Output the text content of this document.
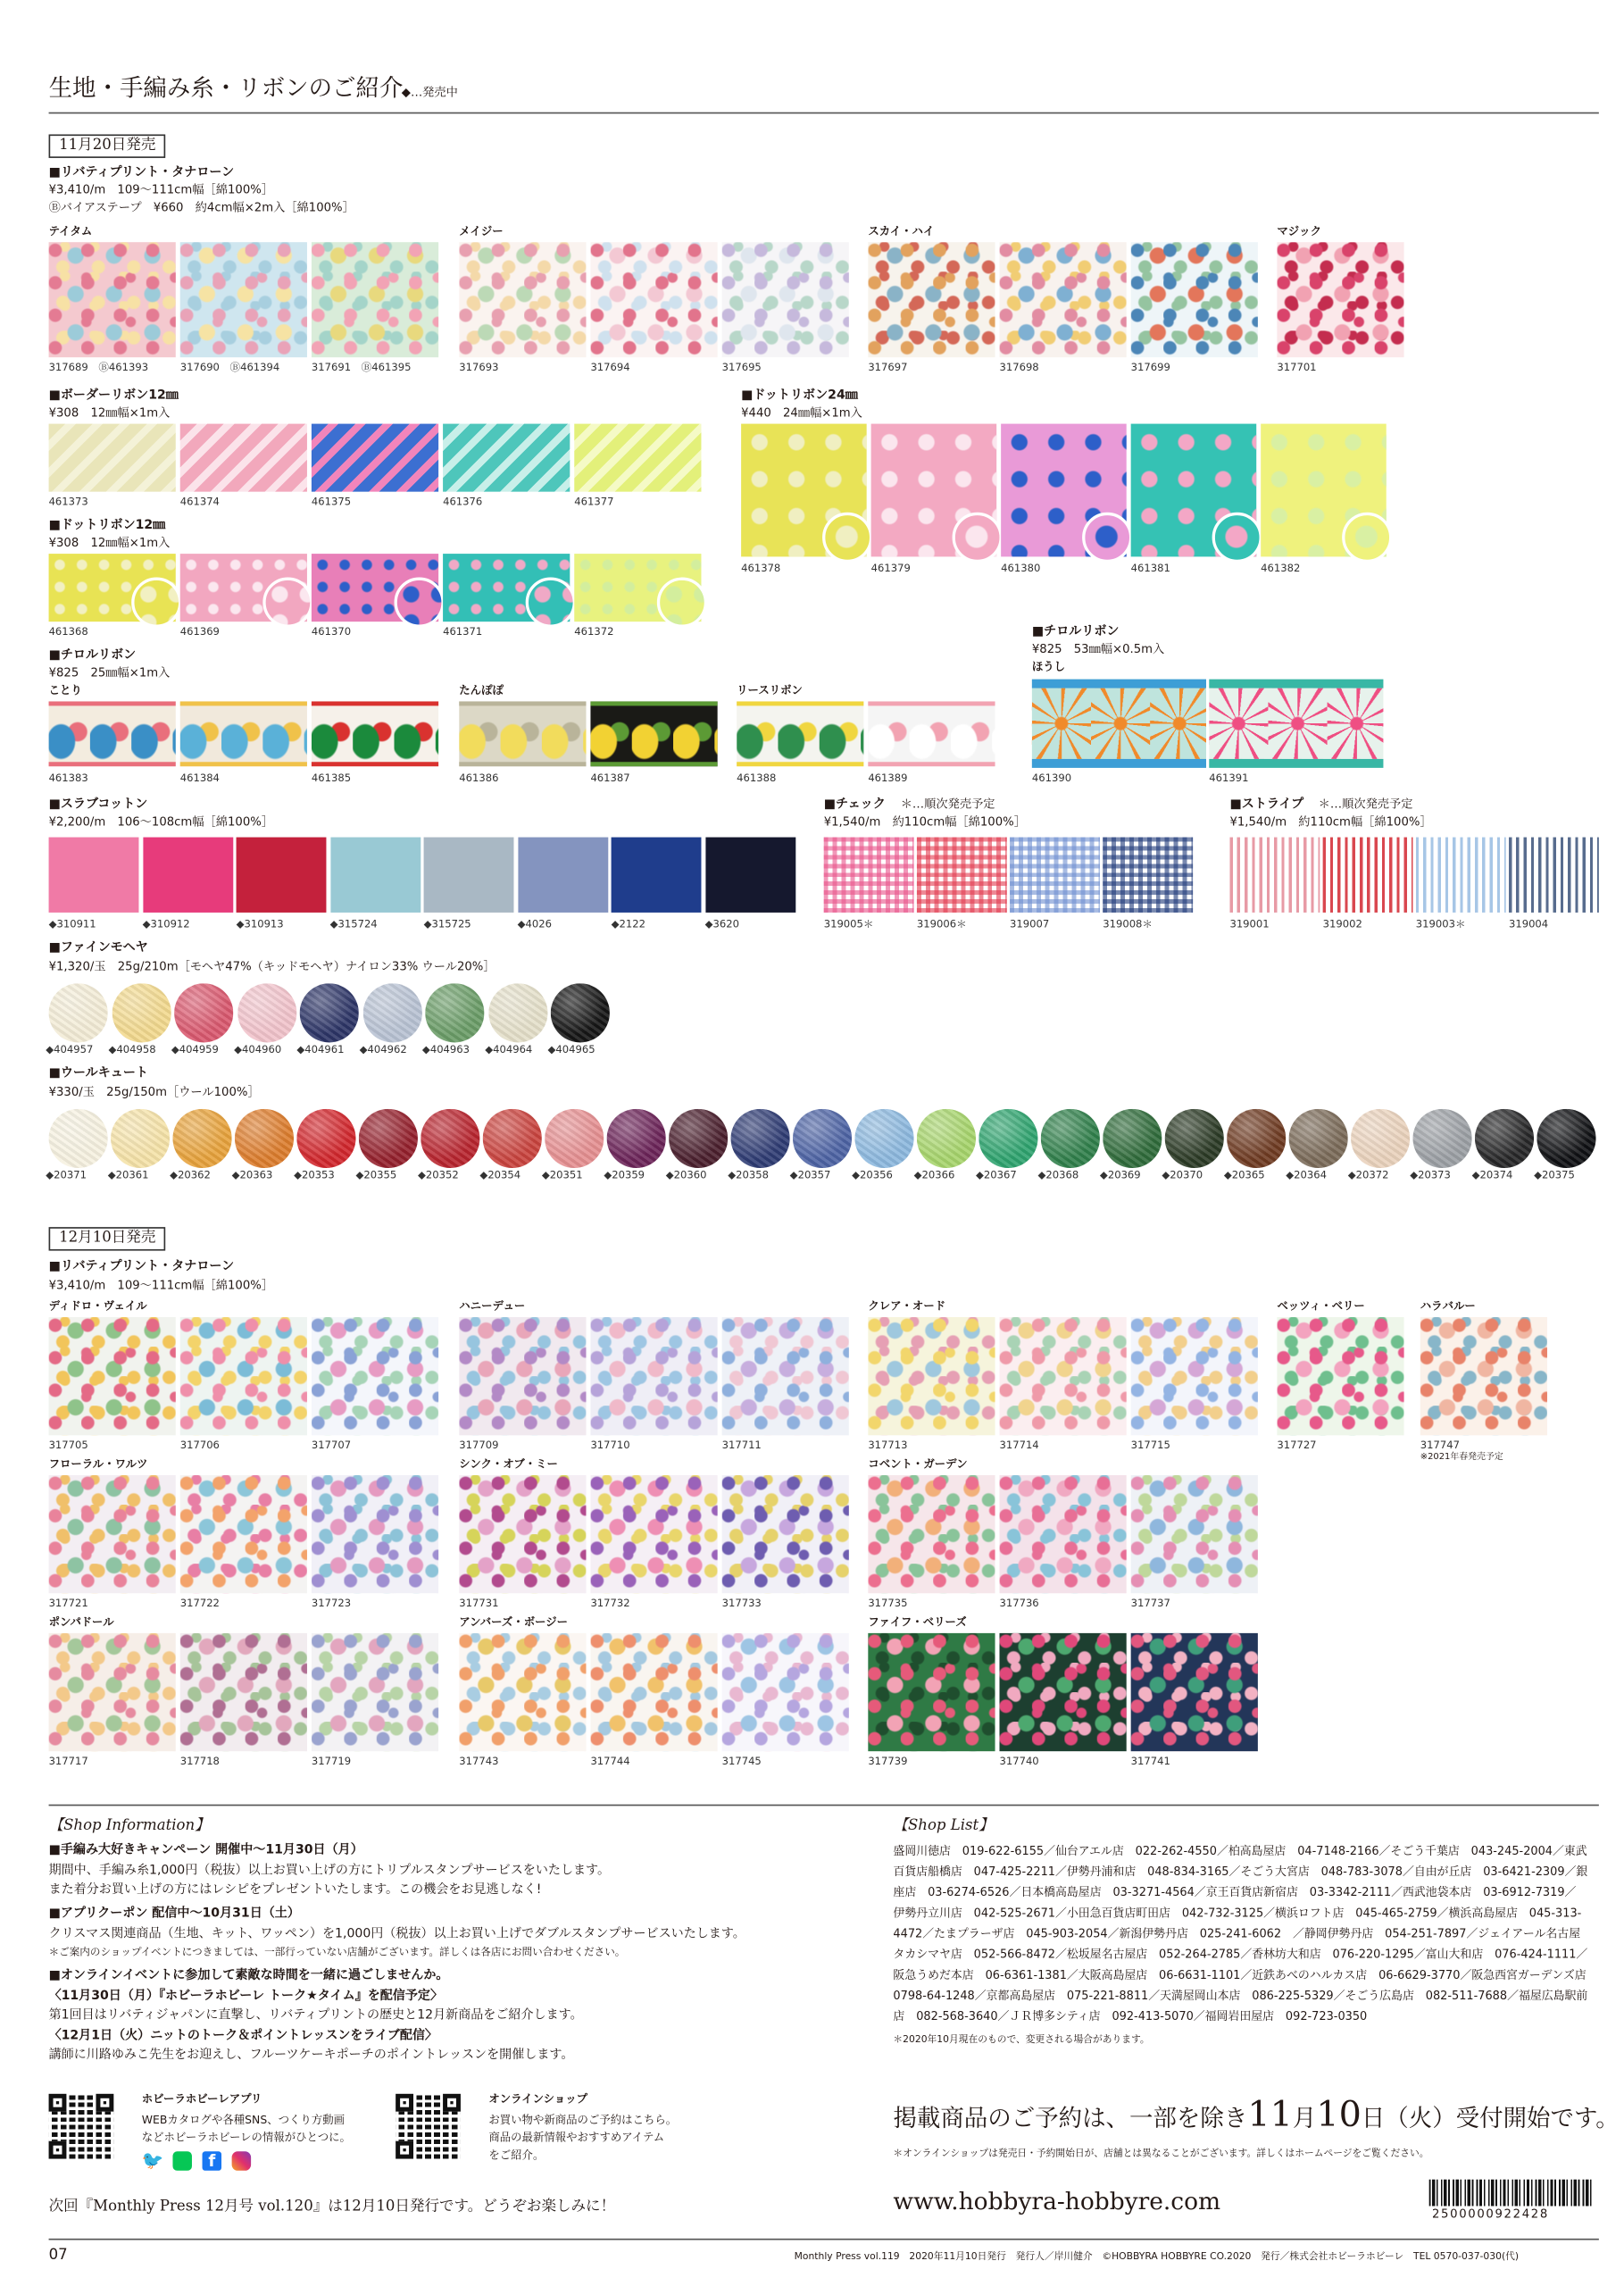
生地・手編み糸・リボンのご紹介
◆…発売中
11月20日発売
■リバティプリント・タナローン
¥3,410/m　109～111cm幅［綿100%］
Ⓑバイアステープ　¥660　約4cm幅×2m入［綿100%］
テイタム	メイジー	スカイ・ハイ	マジック
317689　Ⓑ461393	317690　Ⓑ461394	317691　Ⓑ461395	317693	317694	317695	317697	317698	317699	317701
■ボーダーリボン12㎜
¥308　12㎜幅×1m入
461373	461374	461375	461376	461377
■ドットリボン12㎜
¥308　12㎜幅×1m入
461368	461369	461370	461371	461372
■ドットリボン24㎜
¥440　24㎜幅×1m入
461378	461379	461380	461381	461382
■チロルリボン
¥825　25㎜幅×1m入
ことり	たんぽぽ	リースリボン
461383	461384	461385	461386	461387	461388	461389
■チロルリボン
¥825　53㎜幅×0.5m入
ほうし
461390	461391
■スラブコットン
¥2,200/m　106～108cm幅［綿100%］
◆310911	◆310912	◆310913	◆315724	◆315725	◆4026	◆2122	◆3620
■チェック ＊…順次発売予定
¥1,540/m　約110cm幅［綿100%］
319005＊	319006＊	319007	319008＊
■ストライプ ＊…順次発売予定
¥1,540/m　約110cm幅［綿100%］
319001	319002	319003＊	319004
■ファインモヘヤ
¥1,320/玉　25g/210m［モヘヤ47%（キッドモヘヤ）ナイロン33% ウール20%］
◆404957 ◆404958 ◆404959 ◆404960 ◆404961 ◆404962 ◆404963 ◆404964 ◆404965
■ウールキュート
¥330/玉　25g/150m［ウール100%］
◆20371	◆20361	◆20362	◆20363	◆20353	◆20355	◆20352	◆20354	◆20351	◆20359	◆20360	◆20358	◆20357	◆20356	◆20366	◆20367	◆20368	◆20369	◆20370	◆20365	◆20364	◆20372	◆20373	◆20374	◆20375
12月10日発売
■リバティプリント・タナローン
¥3,410/m　109～111cm幅［綿100%］
ディドロ・ヴェイル	ハニーデュー	クレア・オード	ベッツィ・ベリー	ハラバルー
フローラル・ワルツ	シンク・オブ・ミー	コベント・ガーデン
ポンパドール	アンバーズ・ボージー	ファイフ・ベリーズ
317705	317706	317707	317709	317710	317711	317713	317714	317715	317727	317747
317721	317722	317723	317731	317732	317733	317735	317736	317737
317717	317718	317719	317743	317744	317745	317739	317740	317741
※2021年春発売予定
【Shop Information】
■手編み大好きキャンペーン 開催中～11月30日（月）
期間中、手編み糸1,000円（税抜）以上お買い上げの方にトリプルスタンプサービスをいたします。
また着分お買い上げの方にはレシピをプレゼントいたします。この機会をお見逃しなく!
■アプリクーポン 配信中～10月31日（土）
クリスマス関連商品（生地、キット、ワッペン）を1,000円（税抜）以上お買い上げでダブルスタンプサービスいたします。
＊ご案内のショップイベントにつきましては、一部行っていない店舗がございます。詳しくは各店にお問い合わせください。
■オンラインイベントに参加して素敵な時間を一緒に過ごしませんか。
〈11月30日（月）『ホビーラホビーレ トーク★タイム』を配信予定〉
第1回目はリバティジャパンに直撃し、リバティプリントの歴史と12月新商品をご紹介します。
〈12月1日（火）ニットのトーク＆ポイントレッスンをライブ配信〉
講師に川路ゆみこ先生をお迎えし、フルーツケーキポーチのポイントレッスンを開催します。
ホビーラホビーレアプリ
WEBカタログや各種SNS、つくり方動画
などホビーラホビーレの情報がひとつに。
🐦	f
オンラインショップ
お買い物や新商品のご予約はこちら。
商品の最新情報やおすすめアイテム
をご紹介。
次回『Monthly Press 12月号 vol.120』は12月10日発行です。どうぞお楽しみに！
【Shop List】
盛岡川徳店　019-622-6155／仙台アエル店　022-262-4550／柏高島屋店　04-7148-2166／そごう千葉店　043-245-2004／東武
百貨店船橋店　047-425-2211／伊勢丹浦和店　048-834-3165／そごう大宮店　048-783-3078／自由が丘店　03-6421-2309／銀
座店　03-6274-6526／日本橋高島屋店　03-3271-4564／京王百貨店新宿店　03-3342-2111／西武池袋本店　03-6912-7319／
伊勢丹立川店　042-525-2671／小田急百貨店町田店　042-732-3125／横浜ロフト店　045-465-2759／横浜高島屋店　045-313-
4472／たまプラーザ店　045-903-2054／新潟伊勢丹店　025-241-6062　／静岡伊勢丹店　054-251-7897／ジェイアール名古屋
タカシマヤ店　052-566-8472／松坂屋名古屋店　052-264-2785／香林坊大和店　076-220-1295／富山大和店　076-424-1111／
阪急うめだ本店　06-6361-1381／大阪高島屋店　06-6631-1101／近鉄あべのハルカス店　06-6629-3770／阪急西宮ガーデンズ店
0798-64-1248／京都高島屋店　075-221-8811／天満屋岡山本店　086-225-5329／そごう広島店　082-511-7688／福屋広島駅前
店　082-568-3640／ＪＲ博多シティ店　092-413-5070／福岡岩田屋店　092-723-0350
＊2020年10月現在のもので、変更される場合があります。
掲載商品のご予約は、一部を除き11月10日（火）受付開始です。
＊オンラインショップは発売日・予約開始日が、店舗とは異なることがございます。詳しくはホームページをご覧ください。
www.hobbyra-hobbyre.com	2500000922428
07	Monthly Press vol.119　2020年11月10日発行　発行人／岸川健介　©HOBBYRA HOBBYRE CO.2020　発行／株式会社ホビーラホビーレ　TEL 0570-037-030(代)
